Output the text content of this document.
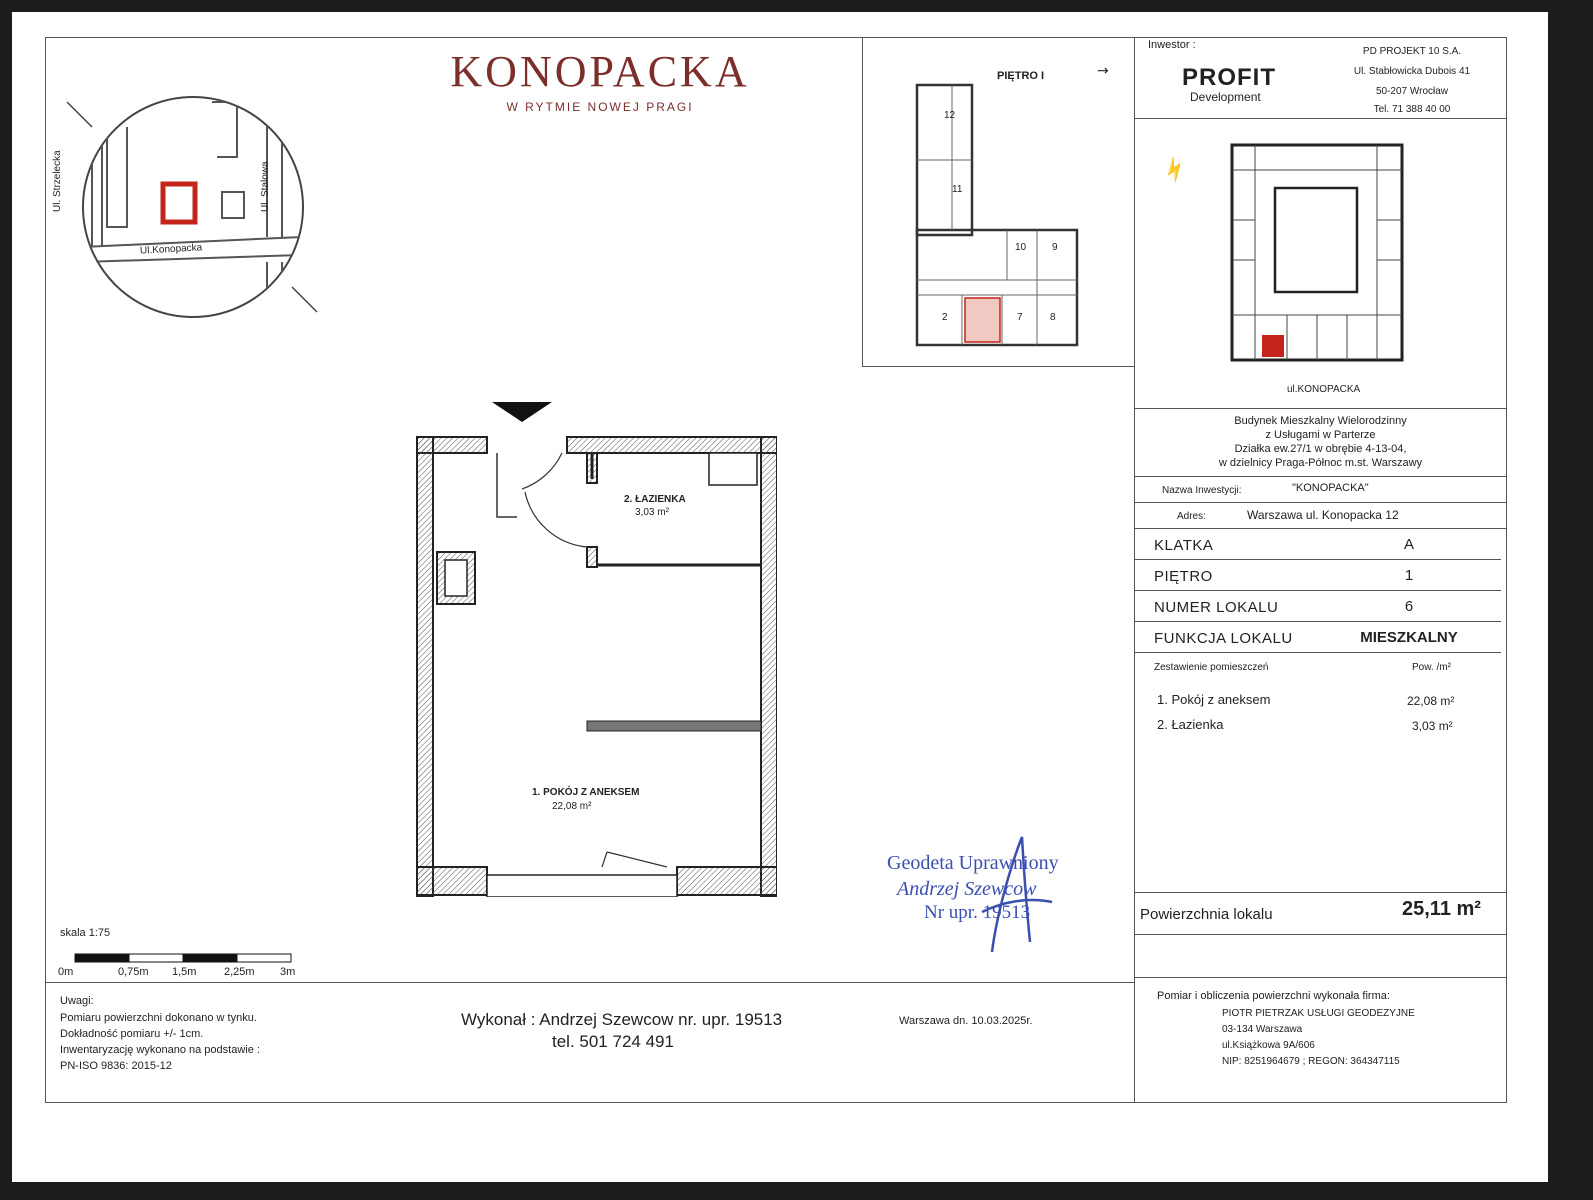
KONOPACKA
W RYTMIE NOWEJ PRAGI
Ul.Konopacka
Ul. Strzelecka	Ul. Stalowa
PIĘTRO I	↗
12
11
10	9
2	7	8
Inwestor :
PROFIT
Development
PD PROJEKT 10 S.A.
Ul. Stabłowicka Dubois 41
50-207 Wrocław
Tel. 71 388 40 00
⚡
ul.KONOPACKA
Budynek Mieszkalny Wielorodzinny
z Usługami w Parterze
Działka ew.27/1 w obrębie 4-13-04,
w dzielnicy Praga-Północ m.st. Warszawy
Nazwa Inwestycji:	"KONOPACKA"
Adres:	Warszawa ul. Konopacka 12
KLATKA	A
PIĘTRO	1
NUMER LOKALU	6
FUNKCJA LOKALU	MIESZKALNY
Zestawienie pomieszczeń	Pow. /m²
1. Pokój z aneksem	22,08 m²
2. Łazienka	3,03 m²
Powierzchnia lokalu	25,11 m²
2. ŁAZIENKA
3,03 m²
1. POKÓJ Z ANEKSEM
22,08 m²
skala 1:75
0m	0,75m 1,5m	2,25m 3m
Geodeta Uprawniony
Andrzej Szewcow
Nr upr. 19513
Uwagi:
Pomiaru powierzchni dokonano w tynku.
Dokładność pomiaru +/- 1cm.
Inwentaryzację wykonano na podstawie :
PN-ISO 9836: 2015-12
Wykonał : Andrzej Szewcow nr. upr. 19513
tel. 501 724 491
Warszawa dn. 10.03.2025r.
Pomiar i obliczenia powierzchni wykonała firma:
PIOTR PIETRZAK USŁUGI GEODEZYJNE
03-134 Warszawa
ul.Książkowa 9A/606
NIP: 8251964679 ; REGON: 364347115
